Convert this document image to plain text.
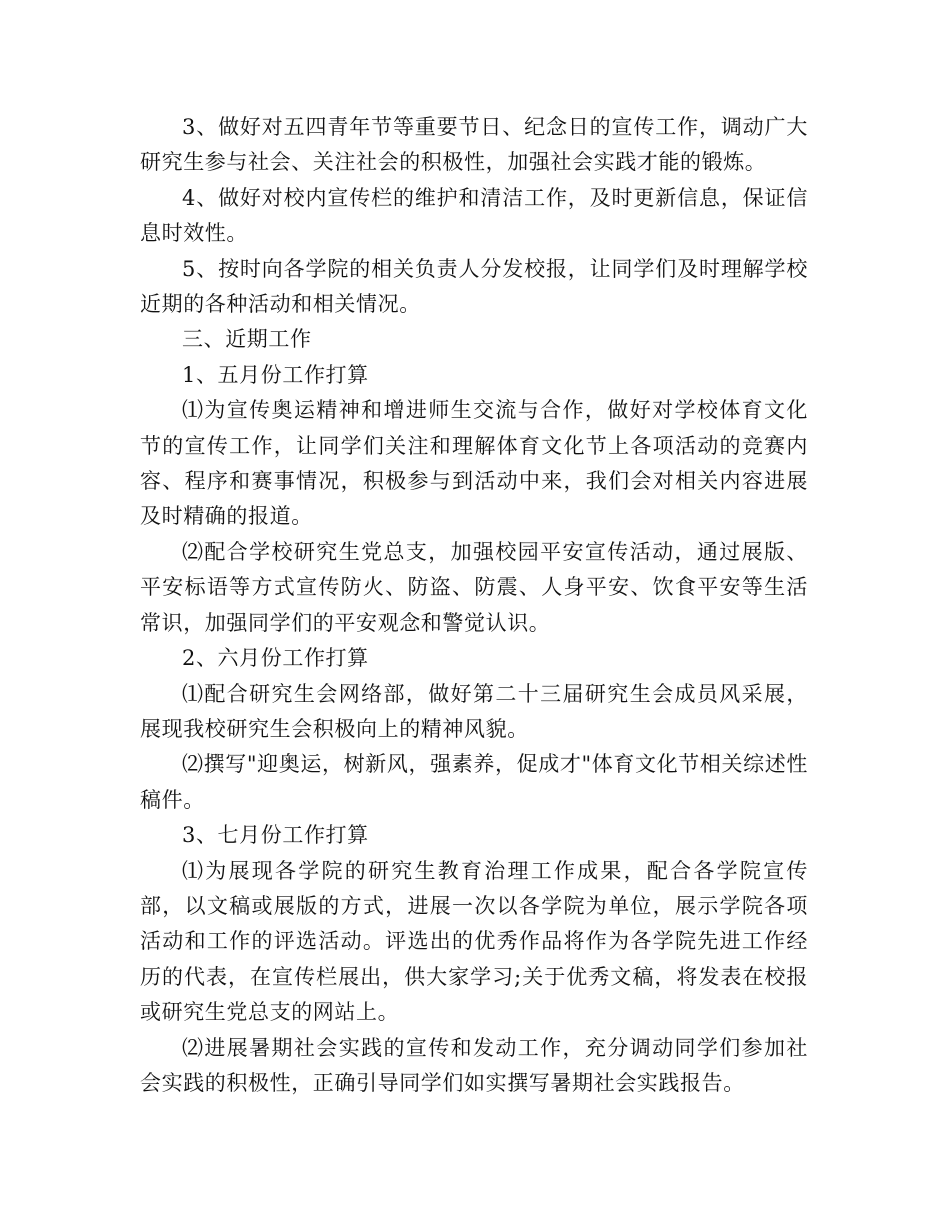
3、做好对五四青年节等重要节日、纪念日的宣传工作，调动广大研究生参与社会、关注社会的积极性，加强社会实践才能的锻炼。

4、做好对校内宣传栏的维护和清洁工作，及时更新信息，保证信息时效性。

5、按时向各学院的相关负责人分发校报，让同学们及时理解学校近期的各种活动和相关情况。

三、近期工作

1、五月份工作打算

⑴为宣传奥运精神和增进师生交流与合作，做好对学校体育文化节的宣传工作，让同学们关注和理解体育文化节上各项活动的竞赛内容、程序和赛事情况，积极参与到活动中来，我们会对相关内容进展及时精确的报道。

⑵配合学校研究生党总支，加强校园平安宣传活动，通过展版、平安标语等方式宣传防火、防盗、防震、人身平安、饮食平安等生活常识，加强同学们的平安观念和警觉认识。

2、六月份工作打算

⑴配合研究生会网络部，做好第二十三届研究生会成员风采展，展现我校研究生会积极向上的精神风貌。

⑵撰写"迎奥运，树新风，强素养，促成才"体育文化节相关综述性稿件。

3、七月份工作打算

⑴为展现各学院的研究生教育治理工作成果，配合各学院宣传部，以文稿或展版的方式，进展一次以各学院为单位，展示学院各项活动和工作的评选活动。评选出的优秀作品将作为各学院先进工作经历的代表，在宣传栏展出，供大家学习;关于优秀文稿，将发表在校报或研究生党总支的网站上。

⑵进展暑期社会实践的宣传和发动工作，充分调动同学们参加社会实践的积极性，正确引导同学们如实撰写暑期社会实践报告。
